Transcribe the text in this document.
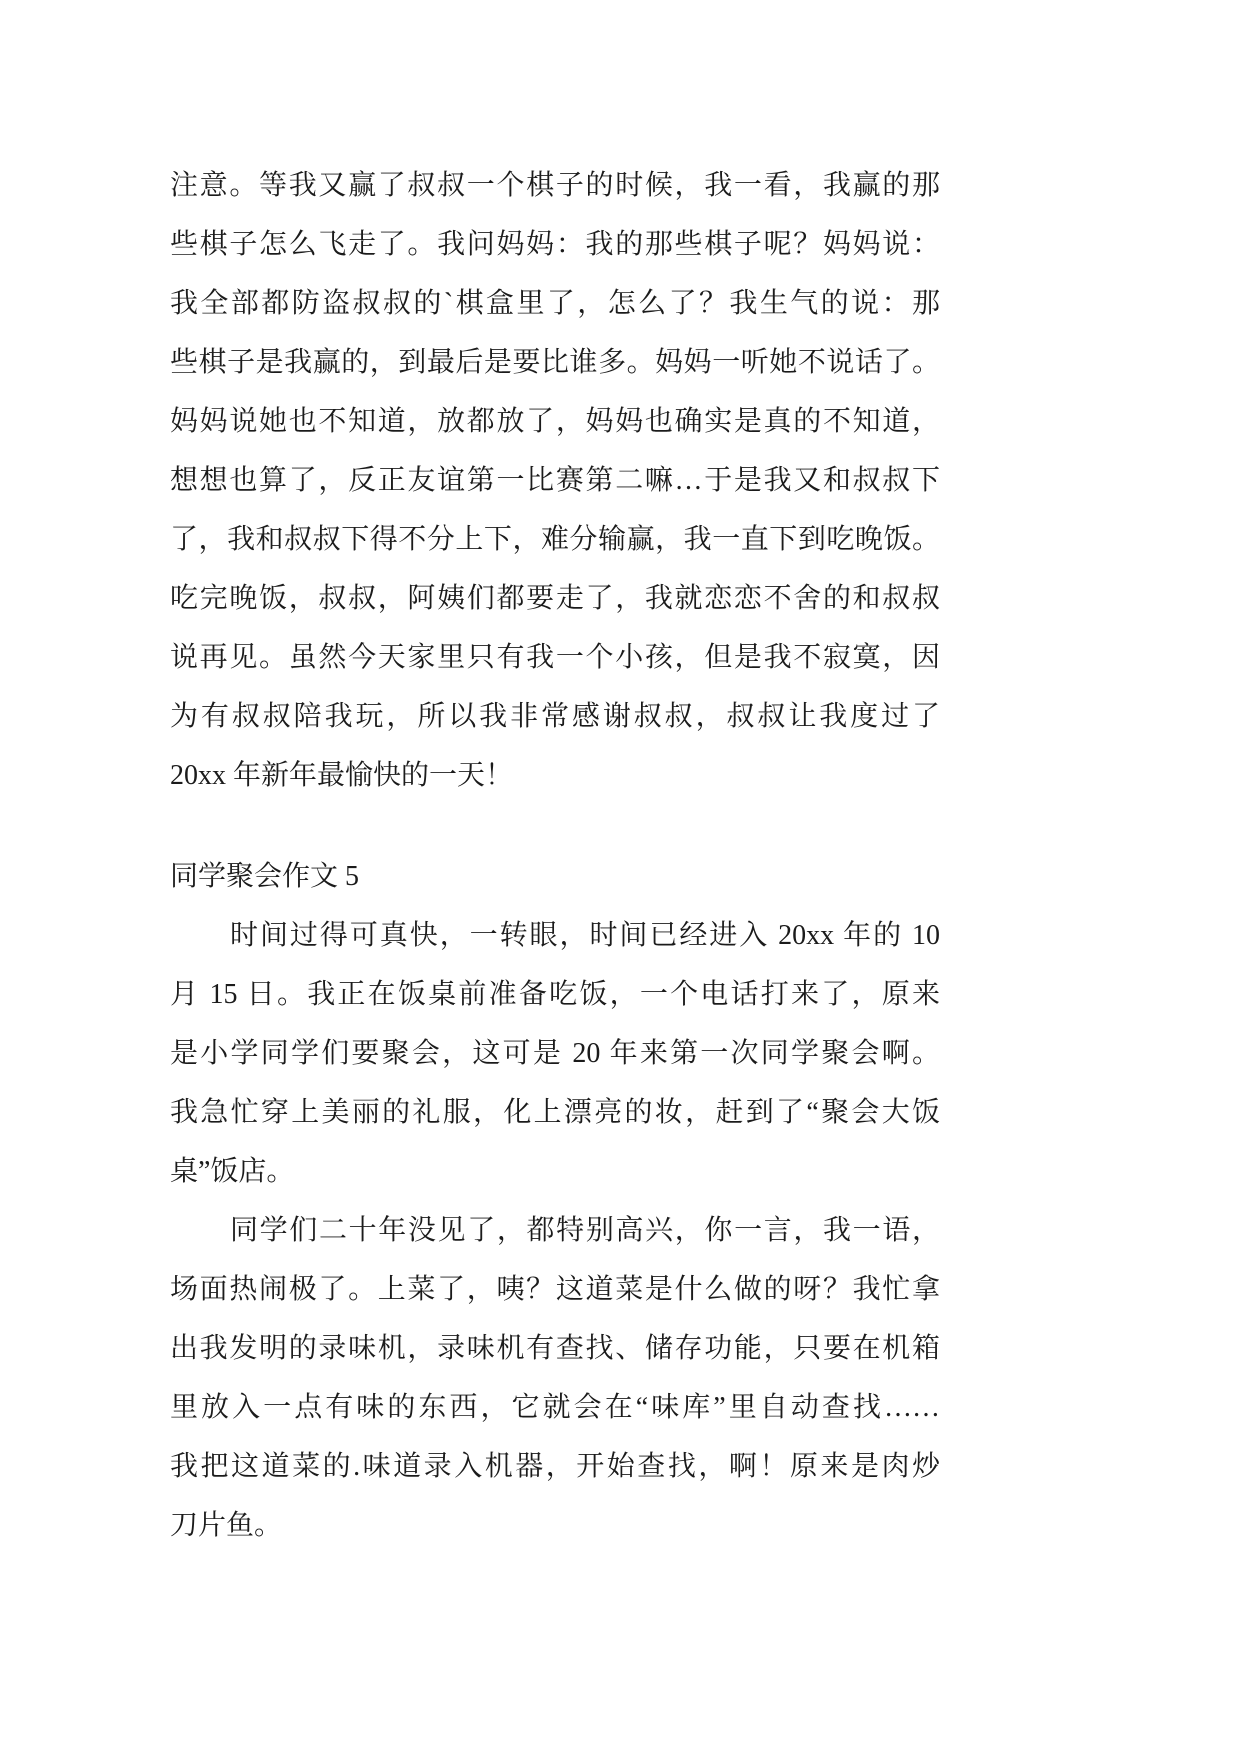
注意。等我又赢了叔叔一个棋子的时候，我一看，我赢的那
些棋子怎么飞走了。我问妈妈：我的那些棋子呢？妈妈说：
我全部都防盗叔叔的`棋盒里了，怎么了？我生气的说：那
些棋子是我赢的，到最后是要比谁多。妈妈一听她不说话了。
妈妈说她也不知道，放都放了，妈妈也确实是真的不知道，
想想也算了，反正友谊第一比赛第二嘛…于是我又和叔叔下
了，我和叔叔下得不分上下，难分输赢，我一直下到吃晚饭。
吃完晚饭，叔叔，阿姨们都要走了，我就恋恋不舍的和叔叔
说再见。虽然今天家里只有我一个小孩，但是我不寂寞，因
为有叔叔陪我玩，所以我非常感谢叔叔，叔叔让我度过了
20xx 年新年最愉快的一天！
同学聚会作文 5
时间过得可真快，一转眼，时间已经进入 20xx 年的 10
月 15 日。我正在饭桌前准备吃饭，一个电话打来了，原来
是小学同学们要聚会，这可是 20 年来第一次同学聚会啊。
我急忙穿上美丽的礼服，化上漂亮的妆，赶到了“聚会大饭
桌”饭店。
同学们二十年没见了，都特别高兴，你一言，我一语，
场面热闹极了。上菜了，咦？这道菜是什么做的呀？我忙拿
出我发明的录味机，录味机有查找、储存功能，只要在机箱
里放入一点有味的东西，它就会在“味库”里自动查找……
我把这道菜的.味道录入机器，开始查找，啊！原来是肉炒
刀片鱼。
